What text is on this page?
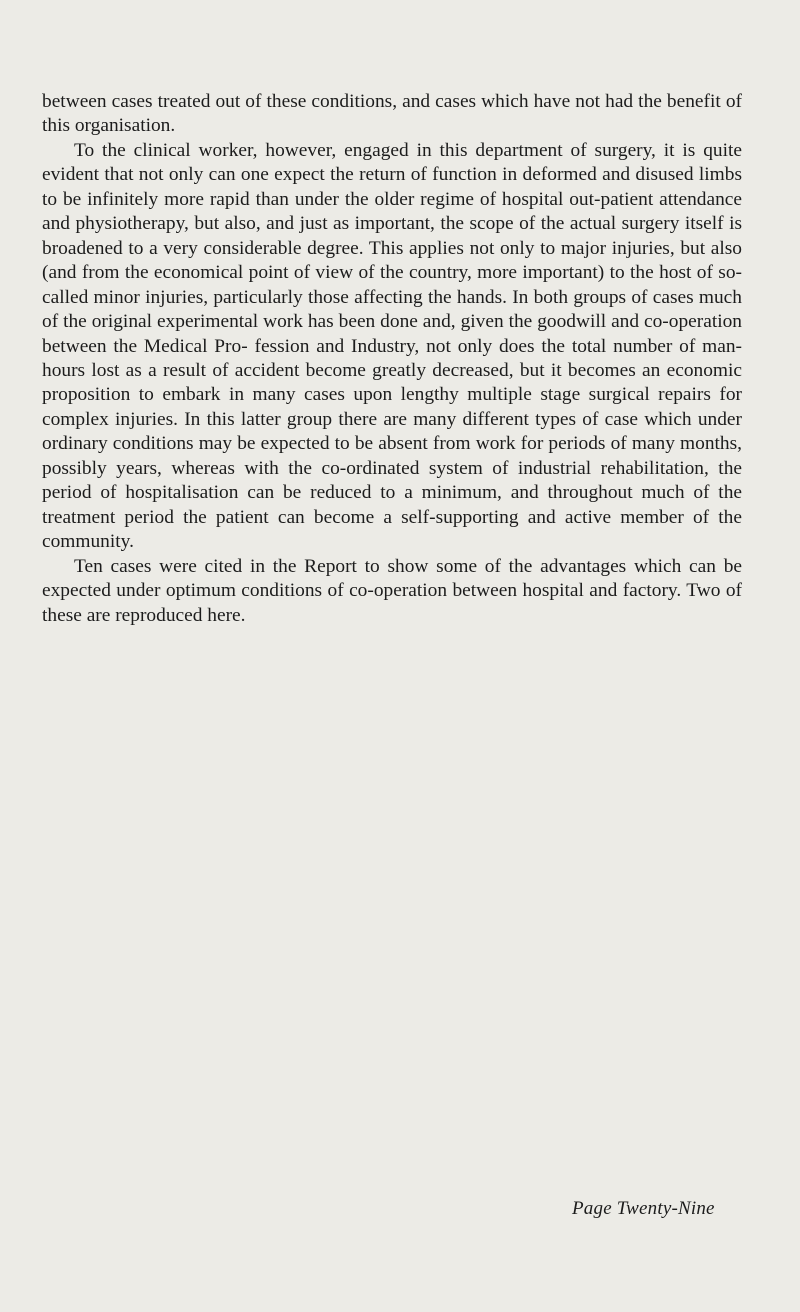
between cases treated out of these conditions, and cases which have not had the benefit of this organisation.

To the clinical worker, however, engaged in this department of surgery, it is quite evident that not only can one expect the return of function in deformed and disused limbs to be infinitely more rapid than under the older regime of hospital out-patient attendance and physiotherapy, but also, and just as important, the scope of the actual surgery itself is broadened to a very considerable degree. This applies not only to major injuries, but also (and from the economical point of view of the country, more important) to the host of so-called minor injuries, particularly those affecting the hands. In both groups of cases much of the original experimental work has been done and, given the goodwill and co-operation between the Medical Pro- fession and Industry, not only does the total number of man-hours lost as a result of accident become greatly decreased, but it becomes an economic proposition to embark in many cases upon lengthy multiple stage surgical repairs for complex injuries. In this latter group there are many different types of case which under ordinary conditions may be expected to be absent from work for periods of many months, possibly years, whereas with the co-ordinated system of industrial rehabilitation, the period of hospitalisation can be reduced to a minimum, and throughout much of the treatment period the patient can become a self-supporting and active member of the community.

Ten cases were cited in the Report to show some of the advantages which can be expected under optimum conditions of co-operation between hospital and factory. Two of these are reproduced here.

Page Twenty-Nine
